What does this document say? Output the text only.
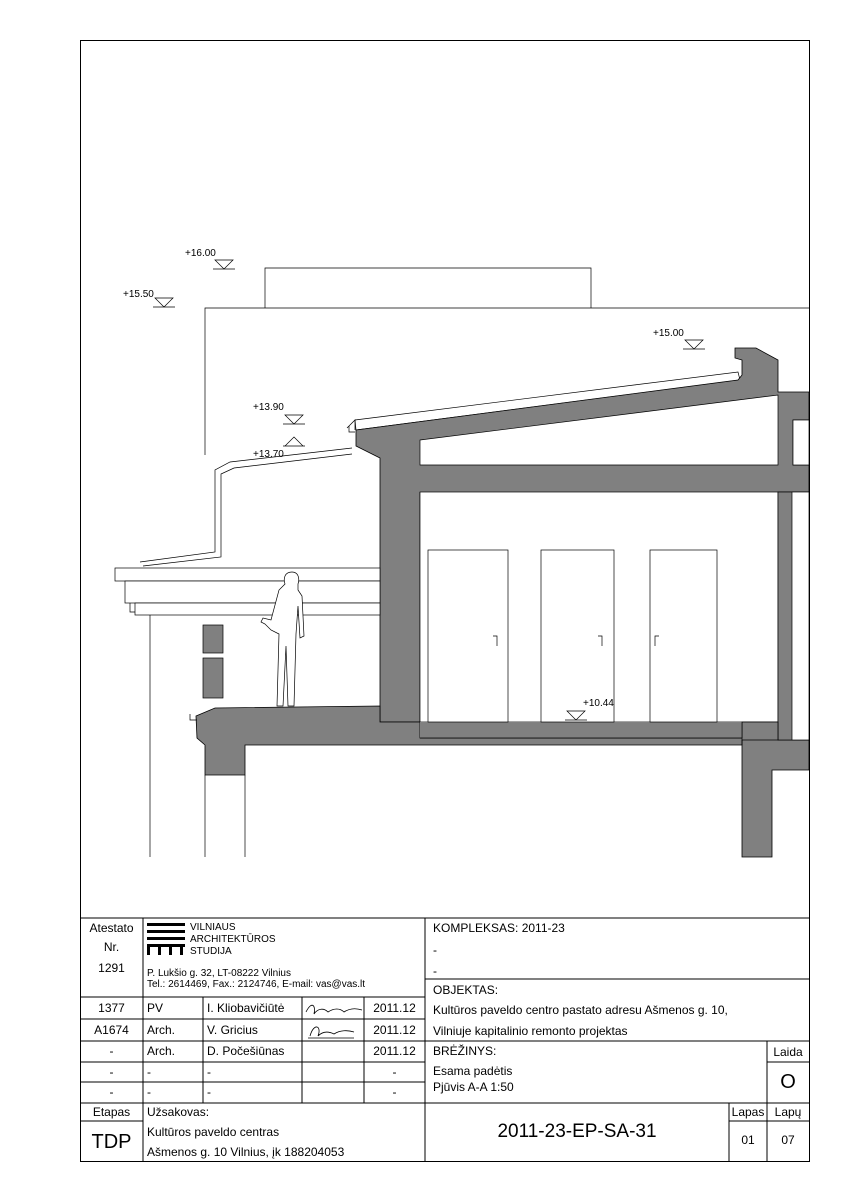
+16.00
+15.50
+15.00
+13.90
+13.70
+10.44
Atestato
Nr.
1291
VILNIAUS
ARCHITEKTŪROS
STUDIJA
P. Lukšio g. 32, LT-08222 Vilnius
Tel.: 2614469, Fax.: 2124746, E-mail: vas@vas.lt
KOMPLEKSAS: 2011-23
-
-
OBJEKTAS:
Kultūros paveldo centro pastato adresu Ašmenos g. 10,
Vilniuje kapitalinio remonto projektas
BRĖŽINYS:
Esama padėtis
Pjūvis A-A 1:50
Laida
O
1377	PV	I. Kliobavičiūtė	2011.12
A1674	Arch.	V. Gricius	2011.12
-	Arch.	D. Počešiūnas	2011.12
-	-	-	-
-	-	-	-
Etapas
TDP
Užsakovas:
Kultūros paveldo centras
Ašmenos g. 10 Vilnius, įk 188204053
2011-23-EP-SA-31
Lapas
01
Lapų
07
